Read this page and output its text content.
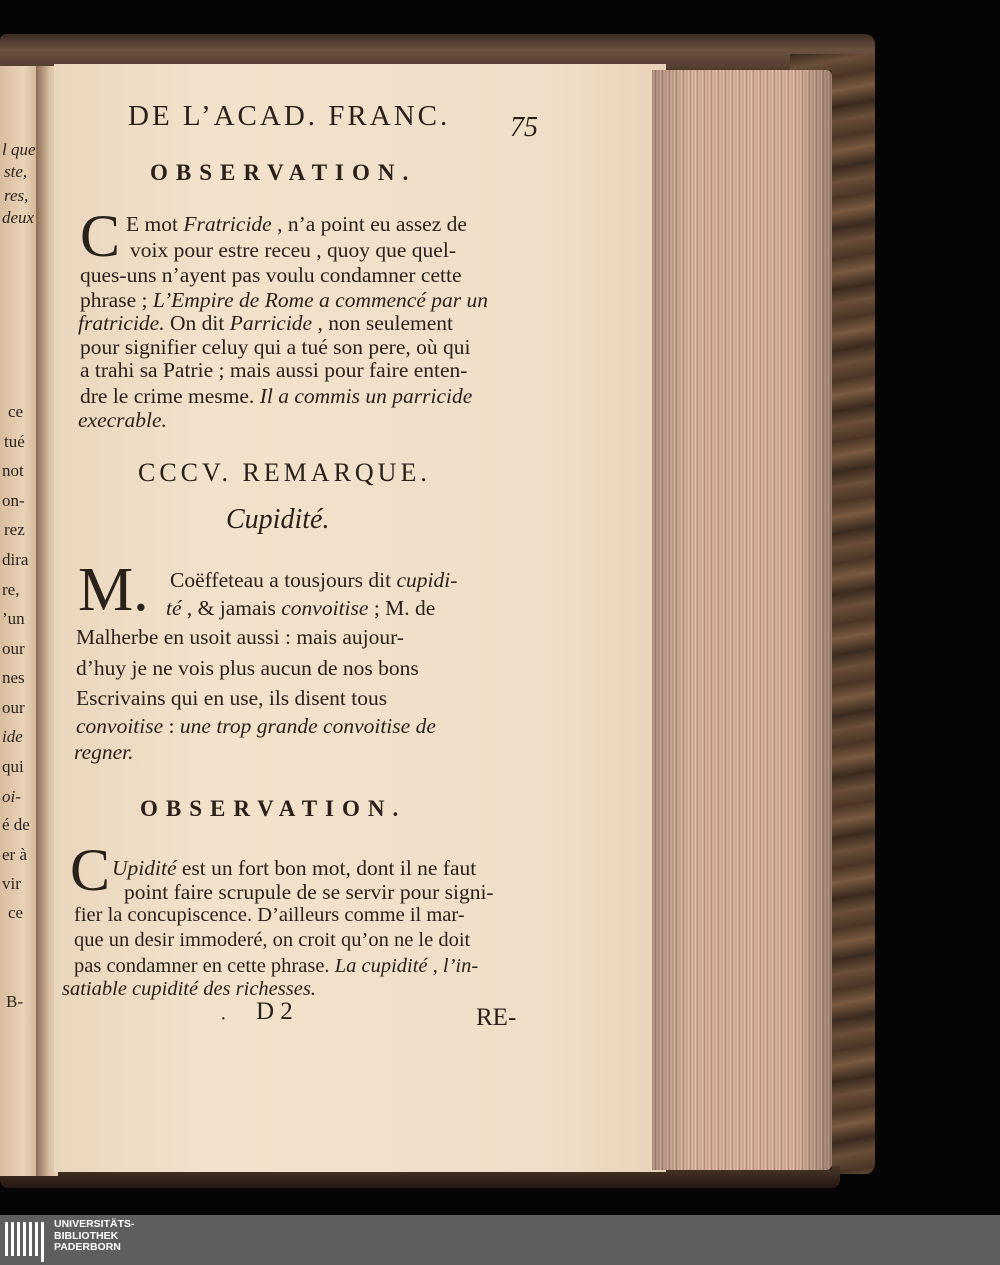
l que
ste,
res,
deux
ce
tué
not
on-
rez
dira
re,
’un
our
nes
our
ide
qui
oi-
é de
er à
vir
ce
B-
DE L’ACAD. FRANC. 75
OBSERVATION.
C E mot Fratricide , n’a point eu assez de
voix pour estre receu , quoy que quel-
ques-uns n’ayent pas voulu condamner cette
phrase ; L’Empire de Rome a commencé par un
fratricide. On dit Parricide , non seulement
pour signifier celuy qui a tué son pere, où qui
a trahi sa Patrie ; mais aussi pour faire enten-
dre le crime mesme. Il a commis un parricide
execrable.
CCCV. REMARQUE.
Cupidité.
M. Coëffeteau a tousjours dit cupidi-
té , & jamais convoitise ; M. de
Malherbe en usoit aussi : mais aujour-
d’huy je ne vois plus aucun de nos bons
Escrivains qui en use, ils disent tous
convoitise : une trop grande convoitise de
regner.
OBSERVATION.
C Upidité est un fort bon mot, dont il ne faut
point faire scrupule de se servir pour signi-
fier la concupiscence. D’ailleurs comme il mar-
que un desir immoderé, on croit qu’on ne le doit
pas condamner en cette phrase. La cupidité , l’in-
satiable cupidité des richesses.
· D 2	RE-
UNIVERSITÄTS-
BIBLIOTHEK
PADERBORN
